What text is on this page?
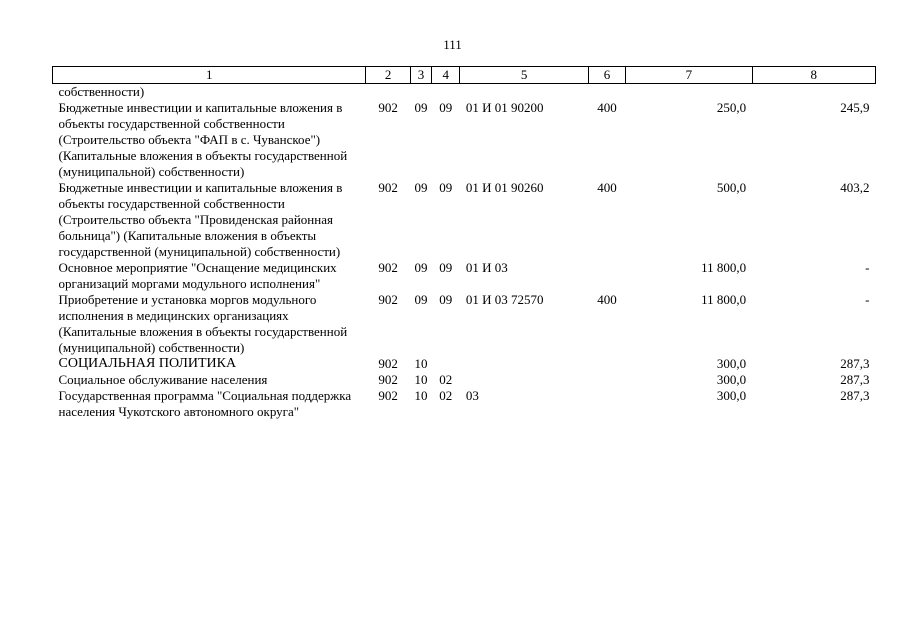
111
1	2	3	4	5	6	7	8
собственности)							
Бюджетные инвестиции и капитальные вложения в объекты государственной собственности (Строительство объекта "ФАП в с. Чуванское") (Капитальные вложения в объекты государственной (муниципальной) собственности)	902	09	09	01 И 01 90200	400	250,0	245,9
Бюджетные инвестиции и капитальные вложения в объекты государственной собственности (Строительство объекта "Провиденская районная больница") (Капитальные вложения в объекты государственной (муниципальной) собственности)	902	09	09	01 И 01 90260	400	500,0	403,2
Основное мероприятие "Оснащение медицинских организаций моргами модульного исполнения"	902	09	09	01 И 03		11 800,0	-
Приобретение и установка моргов модульного исполнения в медицинских организациях (Капитальные вложения в объекты государственной (муниципальной) собственности)	902	09	09	01 И 03 72570	400	11 800,0	-
СОЦИАЛЬНАЯ ПОЛИТИКА	902	10				300,0	287,3
Социальное обслуживание населения	902	10	02			300,0	287,3
Государственная программа "Социальная поддержка населения Чукотского автономного округа"	902	10	02	03		300,0	287,3
